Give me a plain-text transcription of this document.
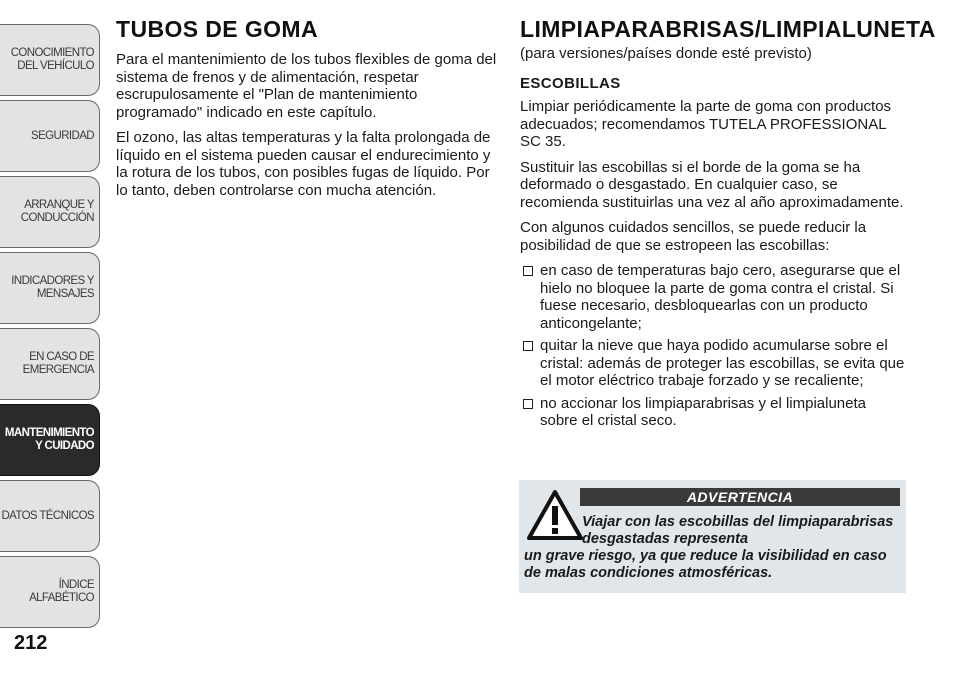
CONOCIMIENTO
DEL VEHÍCULO
SEGURIDAD
ARRANQUE Y
CONDUCCIÓN
INDICADORES Y
MENSAJES
EN CASO DE
EMERGENCIA
MANTENIMIENTO
Y CUIDADO
DATOS TÉCNICOS
ÍNDICE ALFABÉTICO
212
TUBOS DE GOMA

Para el mantenimiento de los tubos flexibles de goma del sistema de frenos y de alimentación, respetar escrupulosamente el "Plan de mantenimiento programado" indicado en este capítulo.

El ozono, las altas temperaturas y la falta prolongada de líquido en el sistema pueden causar el endurecimiento y la rotura de los tubos, con posibles fugas de líquido. Por lo tanto, deben controlarse con mucha atención.

LIMPIAPARABRISAS/LIMPIALUNETA
(para versiones/países donde esté previsto)
ESCOBILLAS

Limpiar periódicamente la parte de goma con productos adecuados; recomendamos TUTELA PROFESSIONAL SC 35.

Sustituir las escobillas si el borde de la goma se ha deformado o desgastado. En cualquier caso, se recomienda sustituirlas una vez al año aproximadamente.

Con algunos cuidados sencillos, se puede reducir la posibilidad de que se estropeen las escobillas:

en caso de temperaturas bajo cero, asegurarse que el hielo no bloquee la parte de goma contra el cristal. Si fuese necesario, desbloquearlas con un producto anticongelante;
quitar la nieve que haya podido acumularse sobre el cristal: además de proteger las escobillas, se evita que el motor eléctrico trabaje forzado y se recaliente;
no accionar los limpiaparabrisas y el limpialuneta sobre el cristal seco.
ADVERTENCIA
Viajar con las escobillas del limpiaparabrisas desgastadas representa
un grave riesgo, ya que reduce la visibilidad en caso de malas condiciones atmosféricas.
